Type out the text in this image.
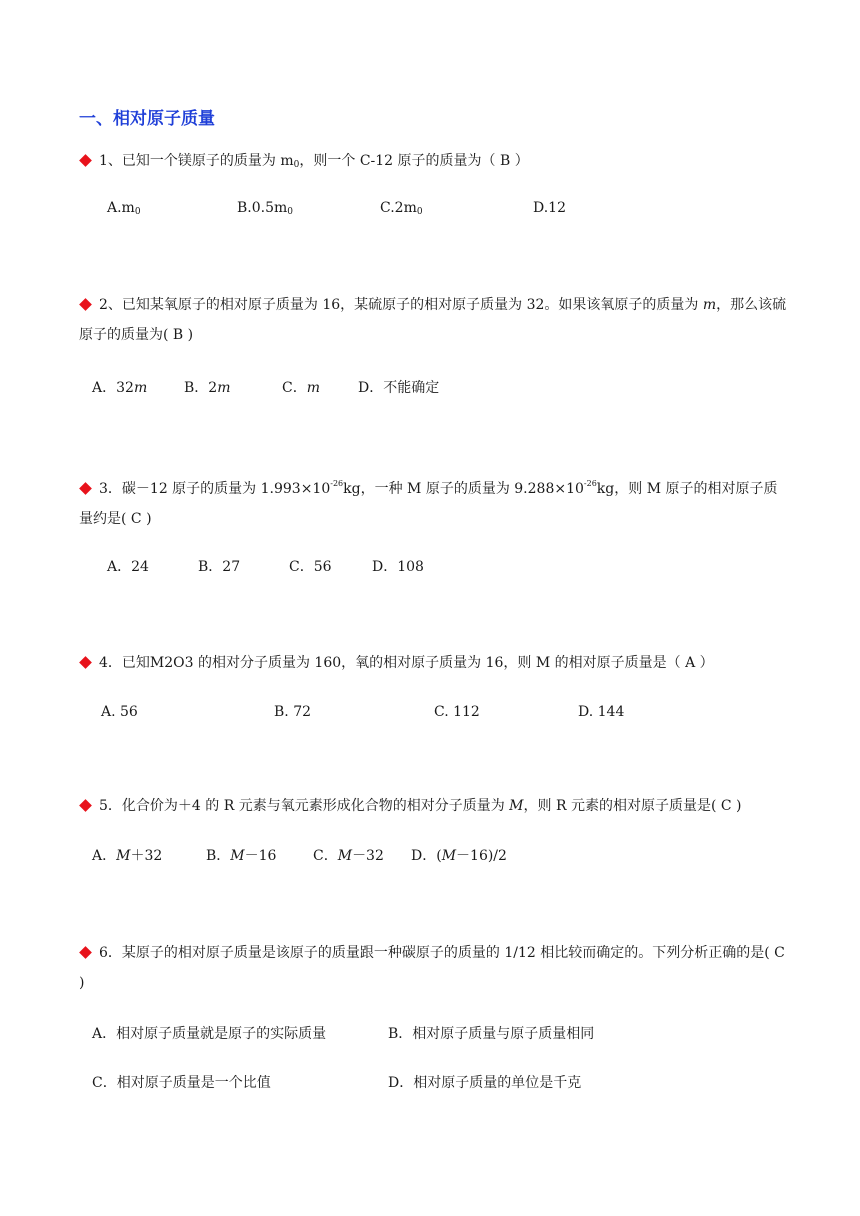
一、相对原子质量
1、已知一个镁原子的质量为 $m_0$，则一个 C-12 原子的质量为（ B ）
$A.m_0$	$B.0.5m_0$	$C.2m_0$	D.12
2、已知某氧原子的相对原子质量为 16，某硫原子的相对原子质量为 32。如果该氧原子的质量为 m，那么该硫原子的质量为( B )
A．32m	B．2m	C．m	D．不能确定
3．碳－12 原子的质量为 $1.993\times 10^{-26}kg$，一种 M 原子的质量为 $9.288\times 10^{-26}kg$，则 M 原子的相对原子质量约是( C )
A．24	B．27	C．56	D．108
4．已知M2O3 的相对分子质量为 160，氧的相对原子质量为 16，则 M 的相对原子质量是（ A ）
A. 56	B. 72	C. 112	D. 144
5．化合价为＋4 的 R 元素与氧元素形成化合物的相对分子质量为 M，则 R 元素的相对原子质量是( C )
A．M＋32	B．M－16	C．M－32 D．(M－16)/2
6．某原子的相对原子质量是该原子的质量跟一种碳原子的质量的 1/12 相比较而确定的。下列分析正确的是( C )
A．相对原子质量就是原子的实际质量	B．相对原子质量与原子质量相同
C．相对原子质量是一个比值	D．相对原子质量的单位是千克
